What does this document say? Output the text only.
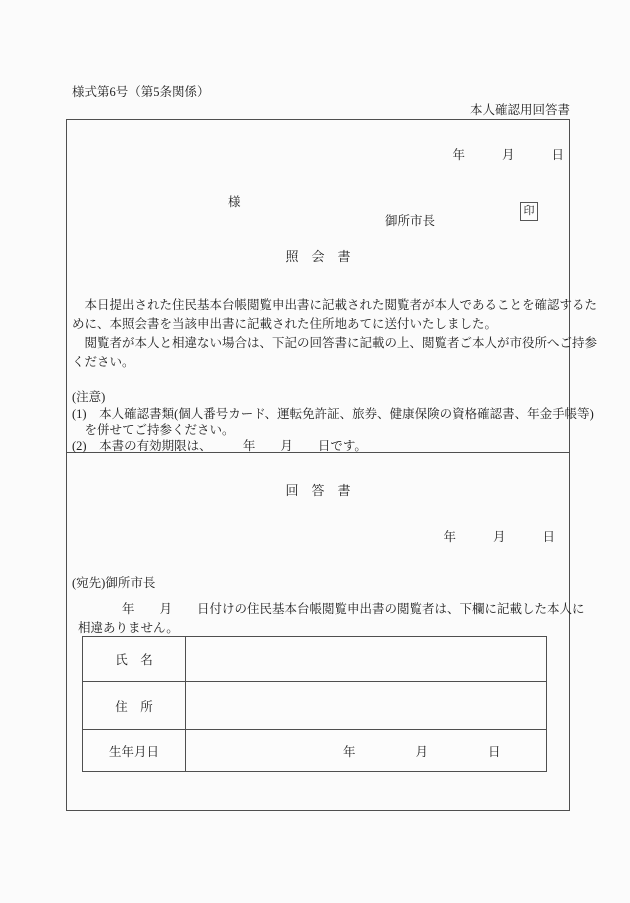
様式第6号（第5条関係）
本人確認用回答書
年	月	日
様
御所市長
印
照　会　書
　本日提出された住民基本台帳閲覧申出書に記載された閲覧者が本人であることを確認するた
めに、本照会書を当該申出書に記載された住所地あてに送付いたしました。
　閲覧者が本人と相違ない場合は、下記の回答書に記載の上、閲覧者ご本人が市役所へご持参
ください。
(注意)
(1)　本人確認書類(個人番号カード、運転免許証、旅券、健康保険の資格確認書、年金手帳等)
　を併せてご持参ください。
(2)　本書の有効期限は、　　　年　　月　　日です。
回　答　書
年	月	日
(宛先)御所市長
　　　　年　　月　　日付けの住民基本台帳閲覧申出書の閲覧者は、下欄に記載した本人に
相違ありません。
氏　名
住　所
生年月日	年	月	日
